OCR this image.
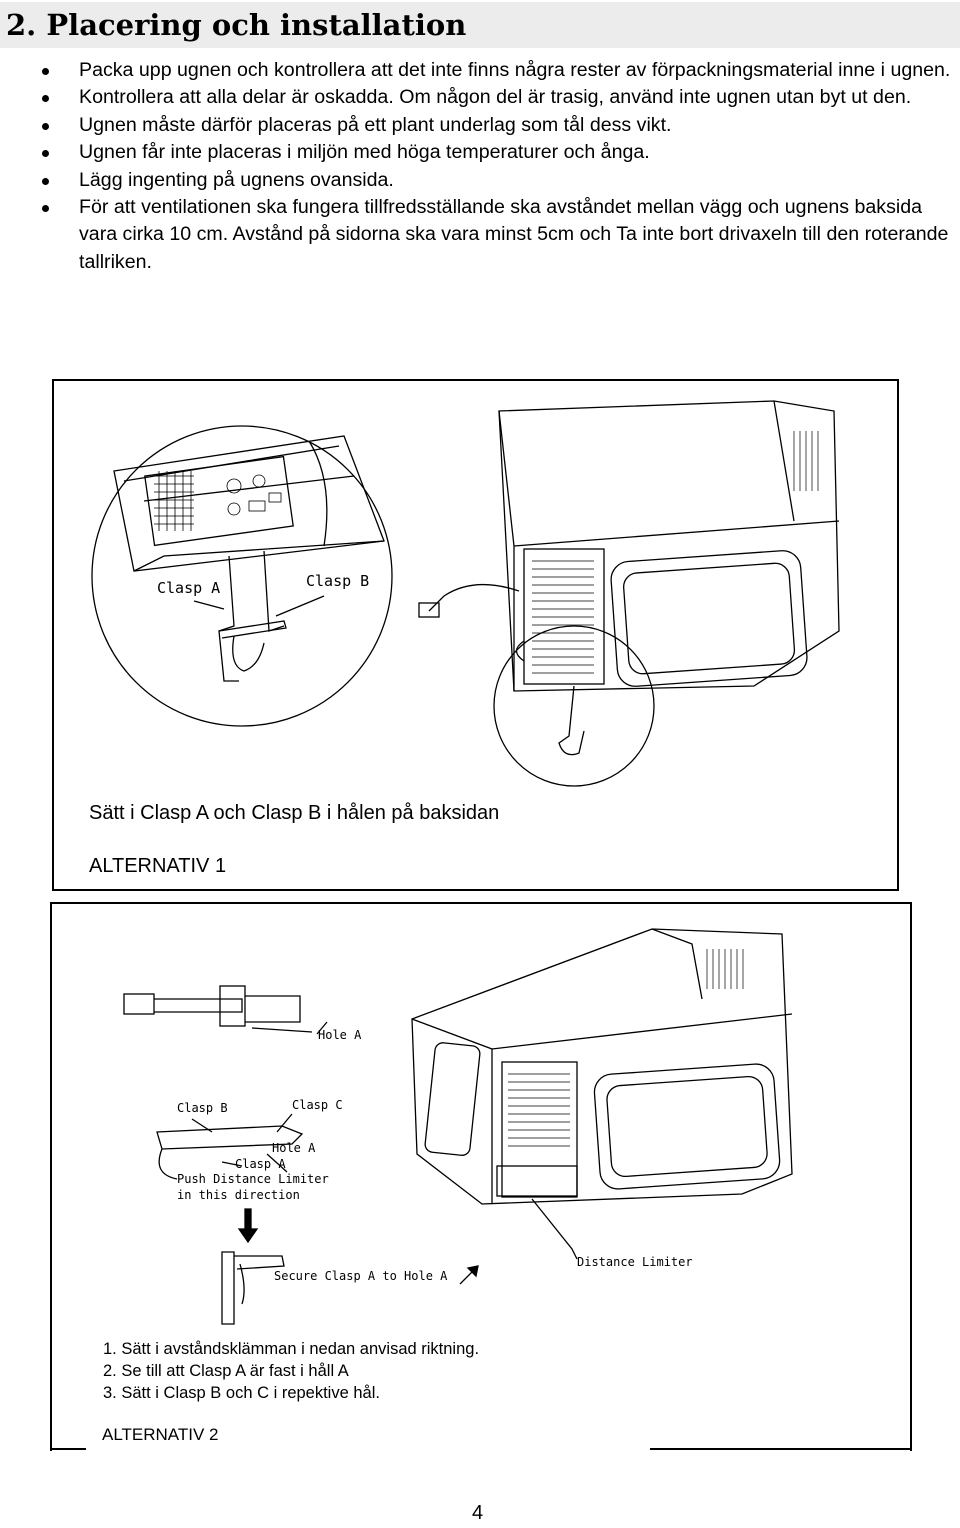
2. Placering och installation
Packa upp ugnen och kontrollera att det inte finns några rester av förpackningsmaterial inne i ugnen.
Kontrollera att alla delar är oskadda. Om någon del är trasig, använd inte ugnen utan byt ut den.
Ugnen måste därför placeras på ett plant underlag som tål dess vikt.
Ugnen får inte placeras i miljön med höga temperaturer och ånga.
Lägg ingenting på ugnens ovansida.
För att ventilationen ska fungera tillfredsställande ska avståndet mellan vägg och ugnens baksida vara cirka 10 cm. Avstånd på sidorna ska vara minst 5cm och Ta inte bort drivaxeln till den roterande tallriken.
Clasp A	Clasp B
Sätt i Clasp A och Clasp B i hålen på baksidan
ALTERNATIV 1
Hole A
Clasp B	Clasp C
Hole A
Clasp A
Push Distance Limiter
in this direction
Secure Clasp A to Hole A
Distance Limiter
1. Sätt i avståndsklämman i nedan anvisad riktning.
2. Se till att Clasp A är fast i håll A
3. Sätt i Clasp B och C i repektive hål.
ALTERNATIV 2
4
